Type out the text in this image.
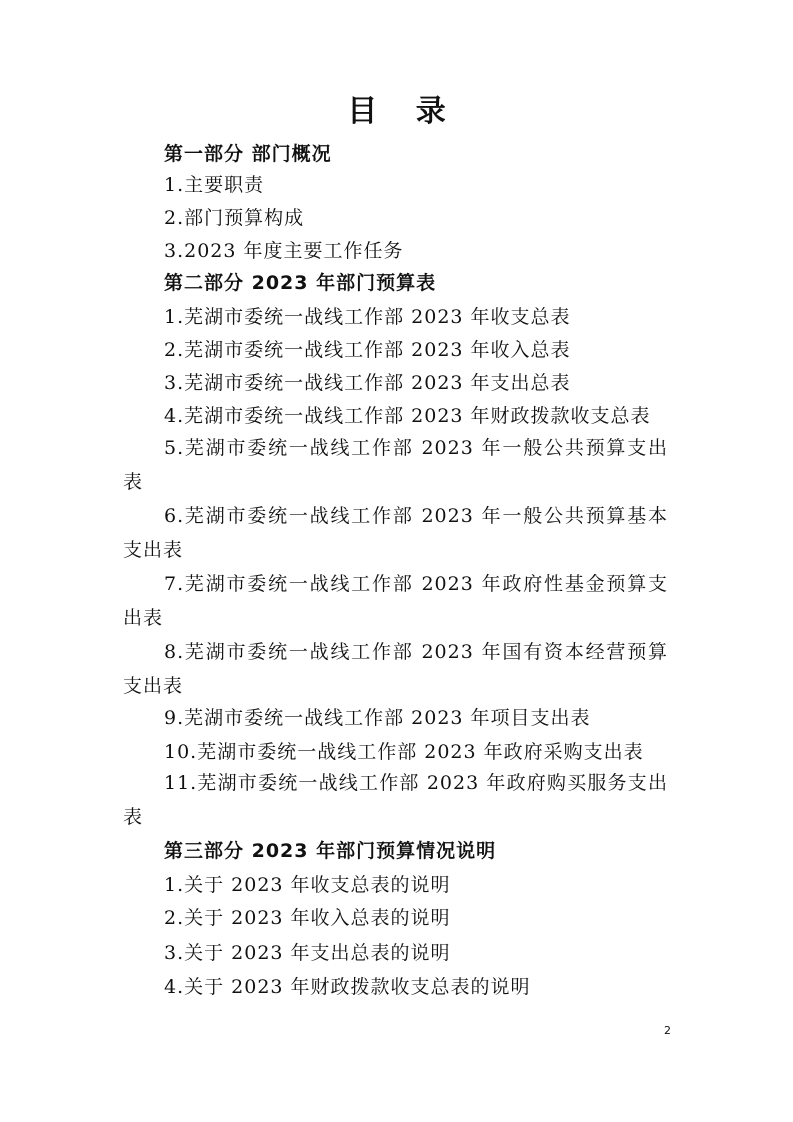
目 录
第一部分 部门概况
1.主要职责
2.部门预算构成
3.2023 年度主要工作任务
第二部分 2023 年部门预算表
1.芜湖市委统一战线工作部 2023 年收支总表
2.芜湖市委统一战线工作部 2023 年收入总表
3.芜湖市委统一战线工作部 2023 年支出总表
4.芜湖市委统一战线工作部 2023 年财政拨款收支总表
5.芜湖市委统一战线工作部 2023 年一般公共预算支出表
6.芜湖市委统一战线工作部 2023 年一般公共预算基本支出表
7.芜湖市委统一战线工作部 2023 年政府性基金预算支出表
8.芜湖市委统一战线工作部 2023 年国有资本经营预算支出表
9.芜湖市委统一战线工作部 2023 年项目支出表
10.芜湖市委统一战线工作部 2023 年政府采购支出表
11.芜湖市委统一战线工作部 2023 年政府购买服务支出表
第三部分 2023 年部门预算情况说明
1.关于 2023 年收支总表的说明
2.关于 2023 年收入总表的说明
3.关于 2023 年支出总表的说明
4.关于 2023 年财政拨款收支总表的说明
2
